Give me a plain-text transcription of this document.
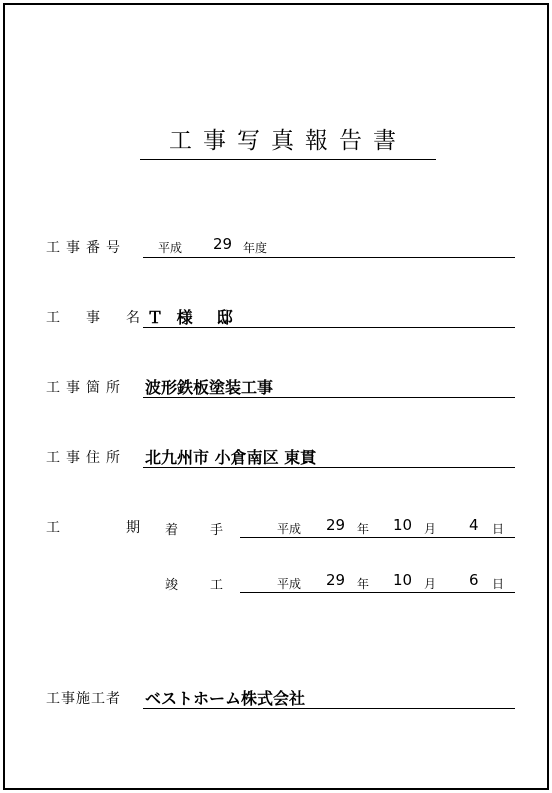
工事写真報告書
工事番号	平成 29 年度
工　事　名 Ｔ 様　邸
工事箇所 波形鉄板塗装工事
工事住所 北九州市 小倉南区 東貫
工　　　期 着　　手	平成 29 年 10 月 4 日
竣　　工	平成 29 年 10 月 6 日
工事施工者 ベストホーム株式会社
